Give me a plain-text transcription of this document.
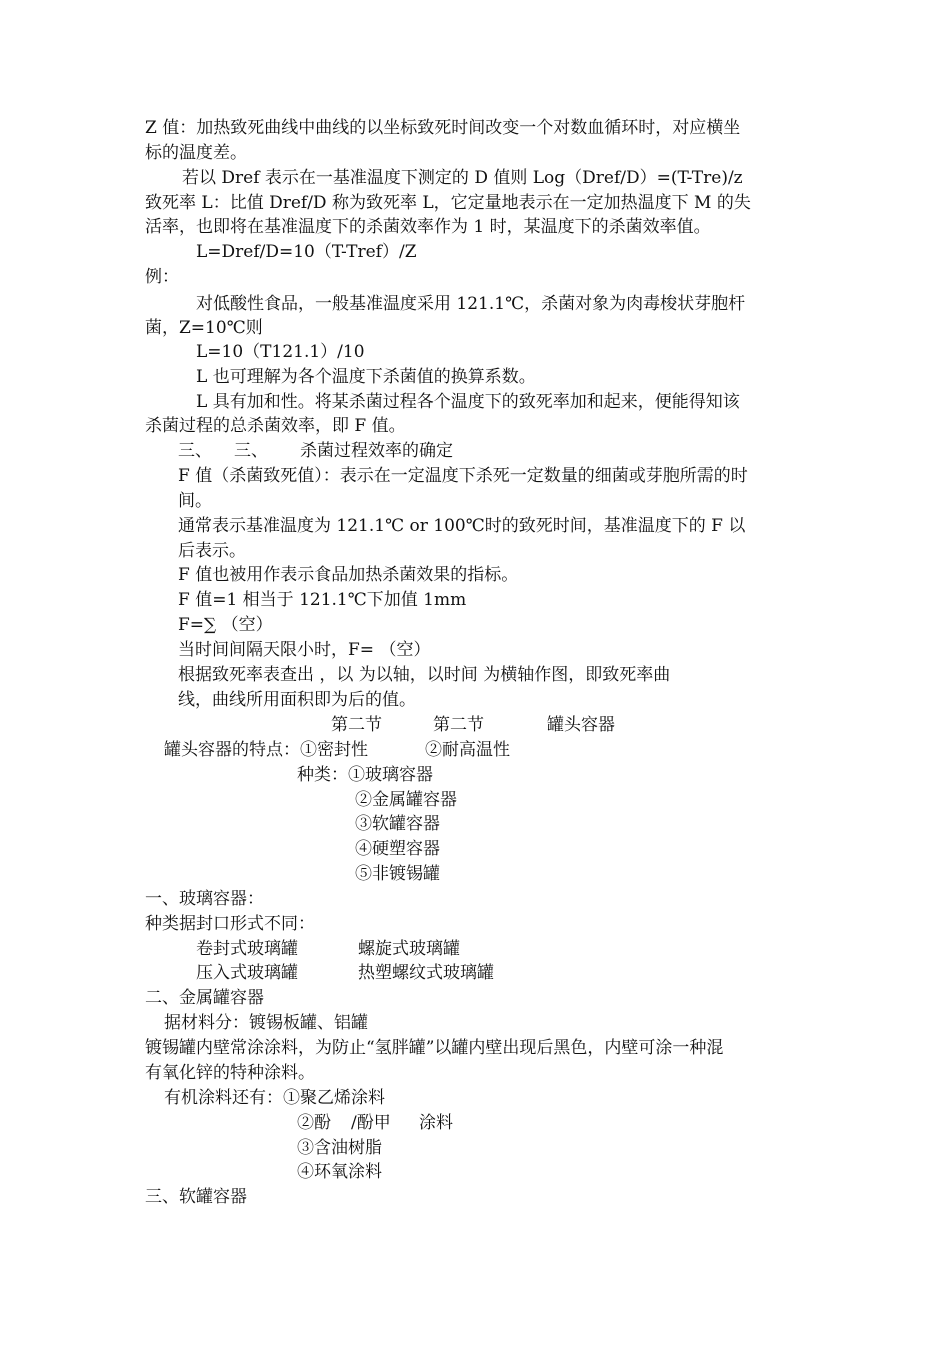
Z 值：加热致死曲线中曲线的以坐标致死时间改变一个对数血循环时，对应横坐
标的温度差。
若以 Dref 表示在一基准温度下测定的 D 值则 Log（Dref/D）=(T-Tre)/z
致死率 L：比值 Dref/D 称为致死率 L，它定量地表示在一定加热温度下 M 的失
活率，也即将在基准温度下的杀菌效率作为 1 时，某温度下的杀菌效率值。
L=Dref/D=10（T-Tref）/Z
例：
对低酸性食品，一般基准温度采用 121.1℃，杀菌对象为肉毒梭状芽胞杆
菌，Z=10℃则
L=10（T121.1）/10
L 也可理解为各个温度下杀菌值的换算系数。
L 具有加和性。将某杀菌过程各个温度下的致死率加和起来，便能得知该
杀菌过程的总杀菌效率，即 F 值。
三、 三、 杀菌过程效率的确定
F 值（杀菌致死值）：表示在一定温度下杀死一定数量的细菌或芽胞所需的时
间。
通常表示基准温度为 121.1℃ or 100℃时的致死时间，基准温度下的 F 以
后表示。
F 值也被用作表示食品加热杀菌效果的指标。
F 值=1 相当于 121.1℃下加值 1mm
F=∑ （空）
当时间间隔天限小时，F= （空）
根据致死率表查出 ，以 为以轴，以时间 为横轴作图，即致死率曲
线，曲线所用面积即为后的值。
第二节	第二节	罐头容器
罐头容器的特点：①密封性	②耐高温性
种类：①玻璃容器
②金属罐容器
③软罐容器
④硬塑容器
⑤非镀锡罐
一、玻璃容器：
种类据封口形式不同：
卷封式玻璃罐	螺旋式玻璃罐
压入式玻璃罐	热塑螺纹式玻璃罐
二、金属罐容器
据材料分：镀锡板罐、铝罐
镀锡罐内壁常涂涂料，为防止“氢胖罐”以罐内壁出现后黑色，内壁可涂一种混
有氧化锌的特种涂料。
有机涂料还有：①聚乙烯涂料
②酚 /酚甲 涂料
③含油树脂
④环氧涂料
三、软罐容器
